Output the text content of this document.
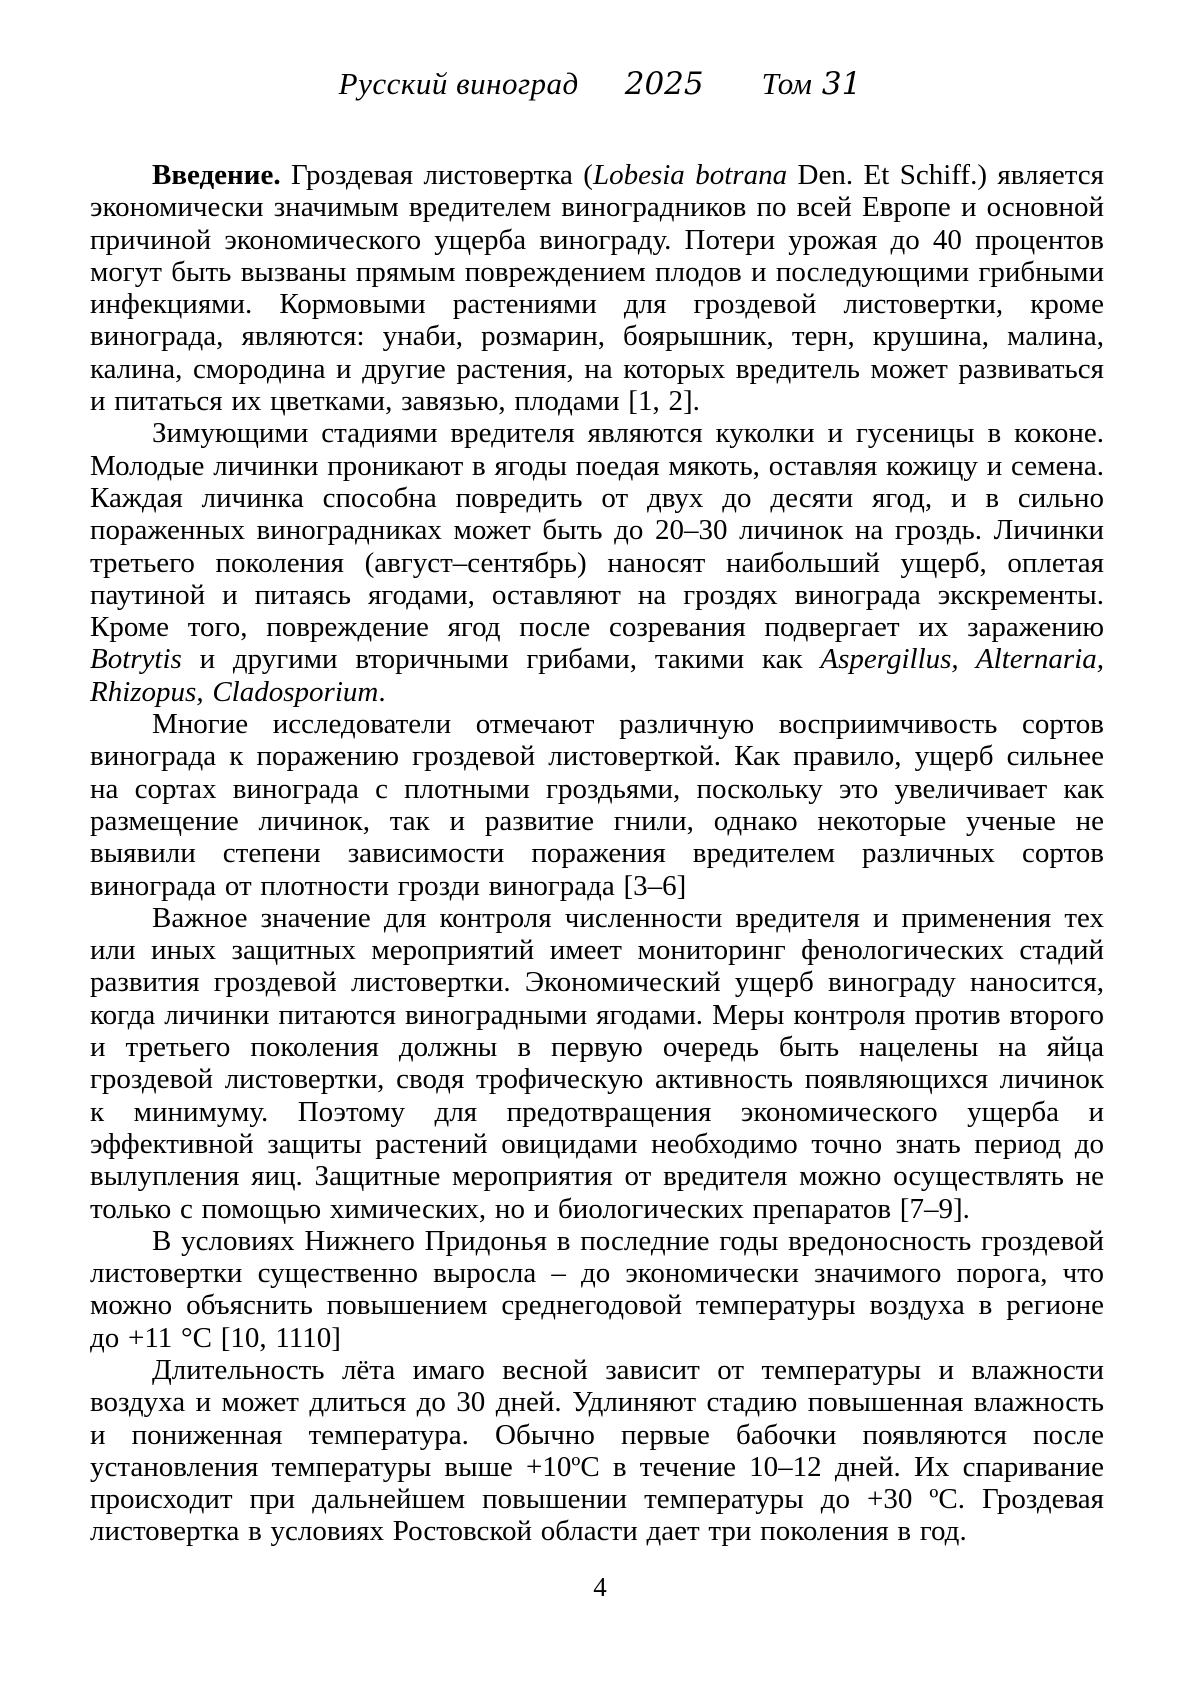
Русский виноград 2025 Том 31

Введение. Гроздевая листовертка (Lobesia botrana Den. Et Schiff.) является экономически значимым вредителем виноградников по всей Европе и основной причиной экономического ущерба винограду. Потери урожая до 40 процентов могут быть вызваны прямым повреждением плодов и последующими грибными инфекциями. Кормовыми растениями для гроздевой листовертки, кроме винограда, являются: унаби, розмарин, боярышник, терн, крушина, малина, калина, смородина и другие растения, на которых вредитель может развиваться и питаться их цветками, завязью, плодами [1, 2].

Зимующими стадиями вредителя являются куколки и гусеницы в коконе. Молодые личинки проникают в ягоды поедая мякоть, оставляя кожицу и семена. Каждая личинка способна повредить от двух до десяти ягод, и в сильно пораженных виноградниках может быть до 20–30 личинок на гроздь. Личинки третьего поколения (август–сентябрь) наносят наибольший ущерб, оплетая паутиной и питаясь ягодами, оставляют на гроздях винограда экскременты. Кроме того, повреждение ягод после созревания подвергает их заражению Botrytis и другими вторичными грибами, такими как Aspergillus, Alternaria, Rhizopus, Cladosporium.

Многие исследователи отмечают различную восприимчивость сортов винограда к поражению гроздевой листоверткой. Как правило, ущерб сильнее на сортах винограда с плотными гроздьями, поскольку это увеличивает как размещение личинок, так и развитие гнили, однако некоторые ученые не выявили степени зависимости поражения вредителем различных сортов винограда от плотности грозди винограда [3–6]

Важное значение для контроля численности вредителя и применения тех или иных защитных мероприятий имеет мониторинг фенологических стадий развития гроздевой листовертки. Экономический ущерб винограду наносится, когда личинки питаются виноградными ягодами. Меры контроля против второго и третьего поколения должны в первую очередь быть нацелены на яйца гроздевой листовертки, сводя трофическую активность появляющихся личинок к минимуму. Поэтому для предотвращения экономического ущерба и эффективной защиты растений овицидами необходимо точно знать период до вылупления яиц. Защитные мероприятия от вредителя можно осуществлять не только с помощью химических, но и биологических препаратов [7–9].

В условиях Нижнего Придонья в последние годы вредоносность гроздевой листовертки существенно выросла – до экономически значимого порога, что можно объяснить повышением среднегодовой температуры воздуха в регионе до +11 °С [10, 1110]

Длительность лёта имаго весной зависит от температуры и влажности воздуха и может длиться до 30 дней. Удлиняют стадию повышенная влажность и пониженная температура. Обычно первые бабочки появляются после установления температуры выше +10ºС в течение 10–12 дней. Их спаривание происходит при дальнейшем повышении температуры до +30 ºС. Гроздевая листовертка в условиях Ростовской области дает три поколения в год.

4
